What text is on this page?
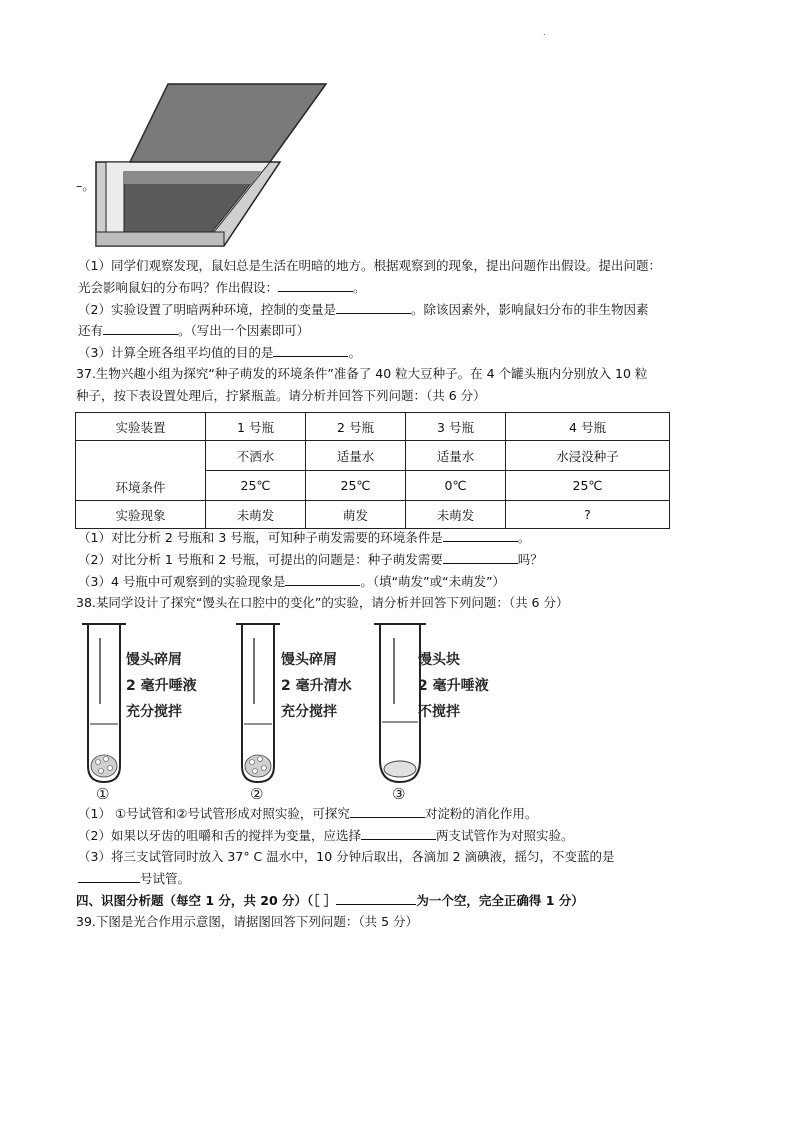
.
–。
（1）同学们观察发现，鼠妇总是生活在明暗的地方。根据观察到的现象，提出问题作出假设。提出问题：
光会影响鼠妇的分布吗？作出假设：	。
（2）实验设置了明暗两种环境，控制的变量是	。除该因素外，影响鼠妇分布的非生物因素
还有	。（写出一个因素即可）
（3）计算全班各组平均值的目的是	。
37.生物兴趣小组为探究“种子萌发的环境条件”准备了 40 粒大豆种子。在 4 个罐头瓶内分别放入 10 粒
种子，按下表设置处理后，拧紧瓶盖。请分析并回答下列问题：（共 6 分）
实验装置	1 号瓶	2 号瓶	3 号瓶	4 号瓶
环境条件	不洒水	适量水	适量水	水浸没种子
	25℃	25℃	0℃	25℃
实验现象	未萌发	萌发	未萌发	?
（1）对比分析 2 号瓶和 3 号瓶，可知种子萌发需要的环境条件是	。
（2）对比分析 1 号瓶和 2 号瓶，可提出的问题是：种子萌发需要	吗？
（3）4 号瓶中可观察到的实验现象是	。（填“萌发”或“未萌发”）
38.某同学设计了探究“馒头在口腔中的变化”的实验，请分析并回答下列问题：（共 6 分）
馒头碎屑
2 毫升唾液
充分搅拌
①
馒头碎屑
2 毫升清水
充分搅拌
②
馒头块
2 毫升唾液
不搅拌
③
（1） ①号试管和②号试管形成对照实验，可探究	对淀粉的消化作用。
（2）如果以牙齿的咀嚼和舌的搅拌为变量，应选择	两支试管作为对照实验。
（3）将三支试管同时放入 37° C 温水中，10 分钟后取出，各滴加 2 滴碘液，摇匀，不变蓝的是
号试管。
四、识图分析题（每空 1 分，共 20 分）（［ ］	为一个空，完全正确得 1 分）
39.下图是光合作用示意图，请据图回答下列问题：（共 5 分）
